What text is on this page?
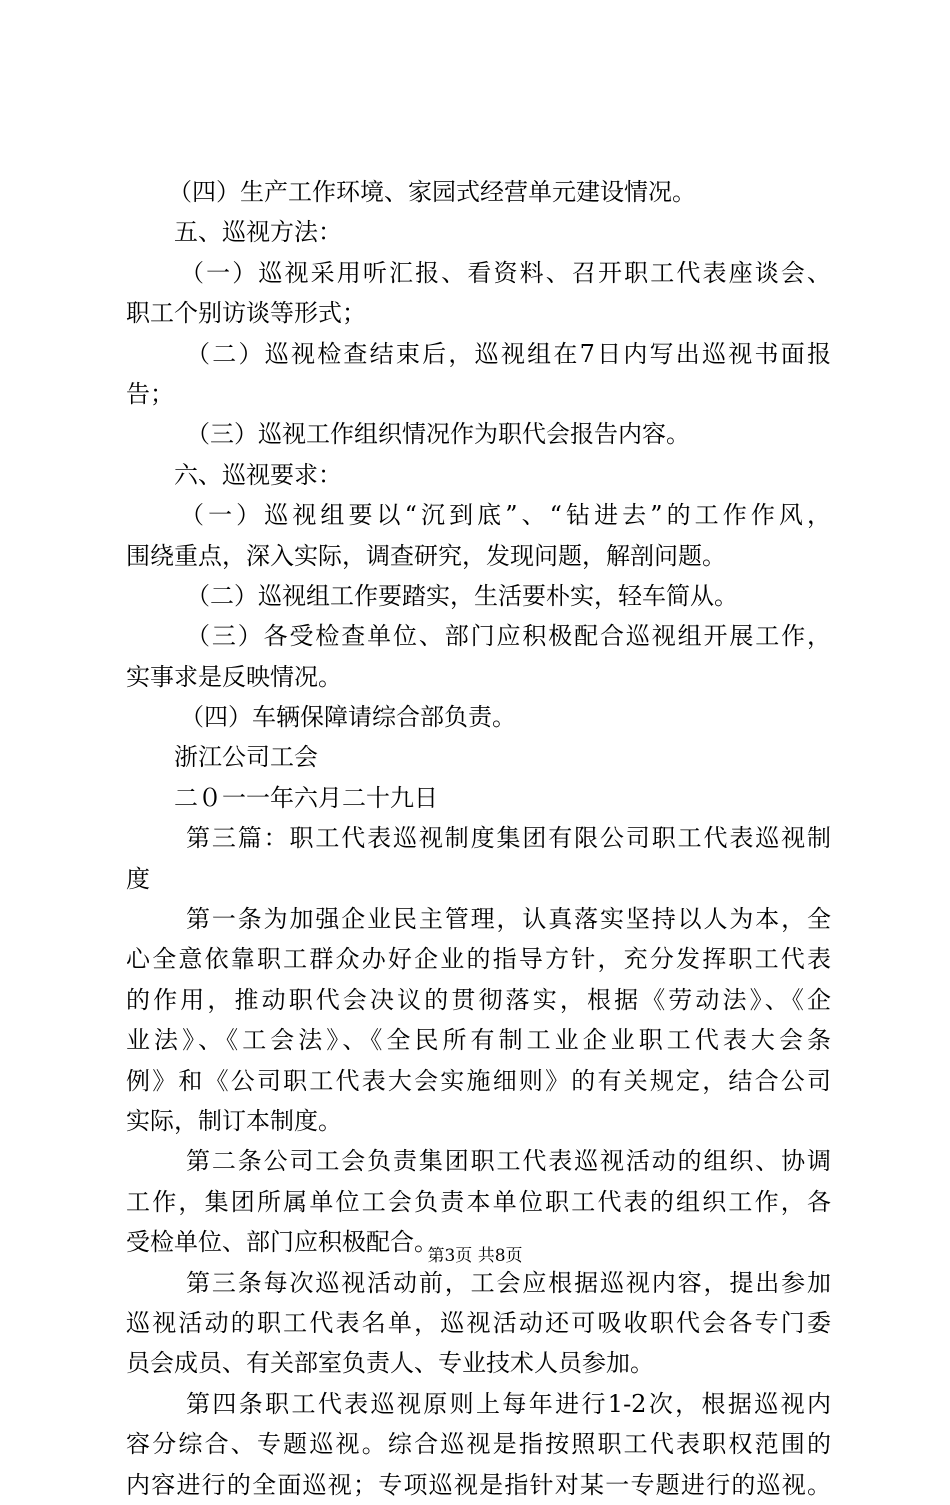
（四）生产工作环境、家园式经营单元建设情况。
五、巡视方法：
（一）巡视采用听汇报、看资料、召开职工代表座谈会、
职工个别访谈等形式；
（二）巡视检查结束后，巡视组在7日内写出巡视书面报
告；
（三）巡视工作组织情况作为职代会报告内容。
六、巡视要求：
（一）巡视组要以“沉到底”、“钻进去”的工作作风，
围绕重点，深入实际，调查研究，发现问题，解剖问题。
（二）巡视组工作要踏实，生活要朴实，轻车简从。
（三）各受检查单位、部门应积极配合巡视组开展工作，
实事求是反映情况。
（四）车辆保障请综合部负责。
浙江公司工会
二０一一年六月二十九日
第三篇：职工代表巡视制度集团有限公司职工代表巡视制
度
第一条为加强企业民主管理，认真落实坚持以人为本，全
心全意依靠职工群众办好企业的指导方针，充分发挥职工代表
的作用，推动职代会决议的贯彻落实，根据《劳动法》、《企
业法》、《工会法》、《全民所有制工业企业职工代表大会条
例》和《公司职工代表大会实施细则》的有关规定，结合公司
实际，制订本制度。
第二条公司工会负责集团职工代表巡视活动的组织、协调
工作，集团所属单位工会负责本单位职工代表的组织工作，各
受检单位、部门应积极配合。
第三条每次巡视活动前，工会应根据巡视内容，提出参加
巡视活动的职工代表名单，巡视活动还可吸收职代会各专门委
员会成员、有关部室负责人、专业技术人员参加。
第四条职工代表巡视原则上每年进行1-2次，根据巡视内
容分综合、专题巡视。综合巡视是指按照职工代表职权范围的
内容进行的全面巡视；专项巡视是指针对某一专题进行的巡视。
第3页 共8页
